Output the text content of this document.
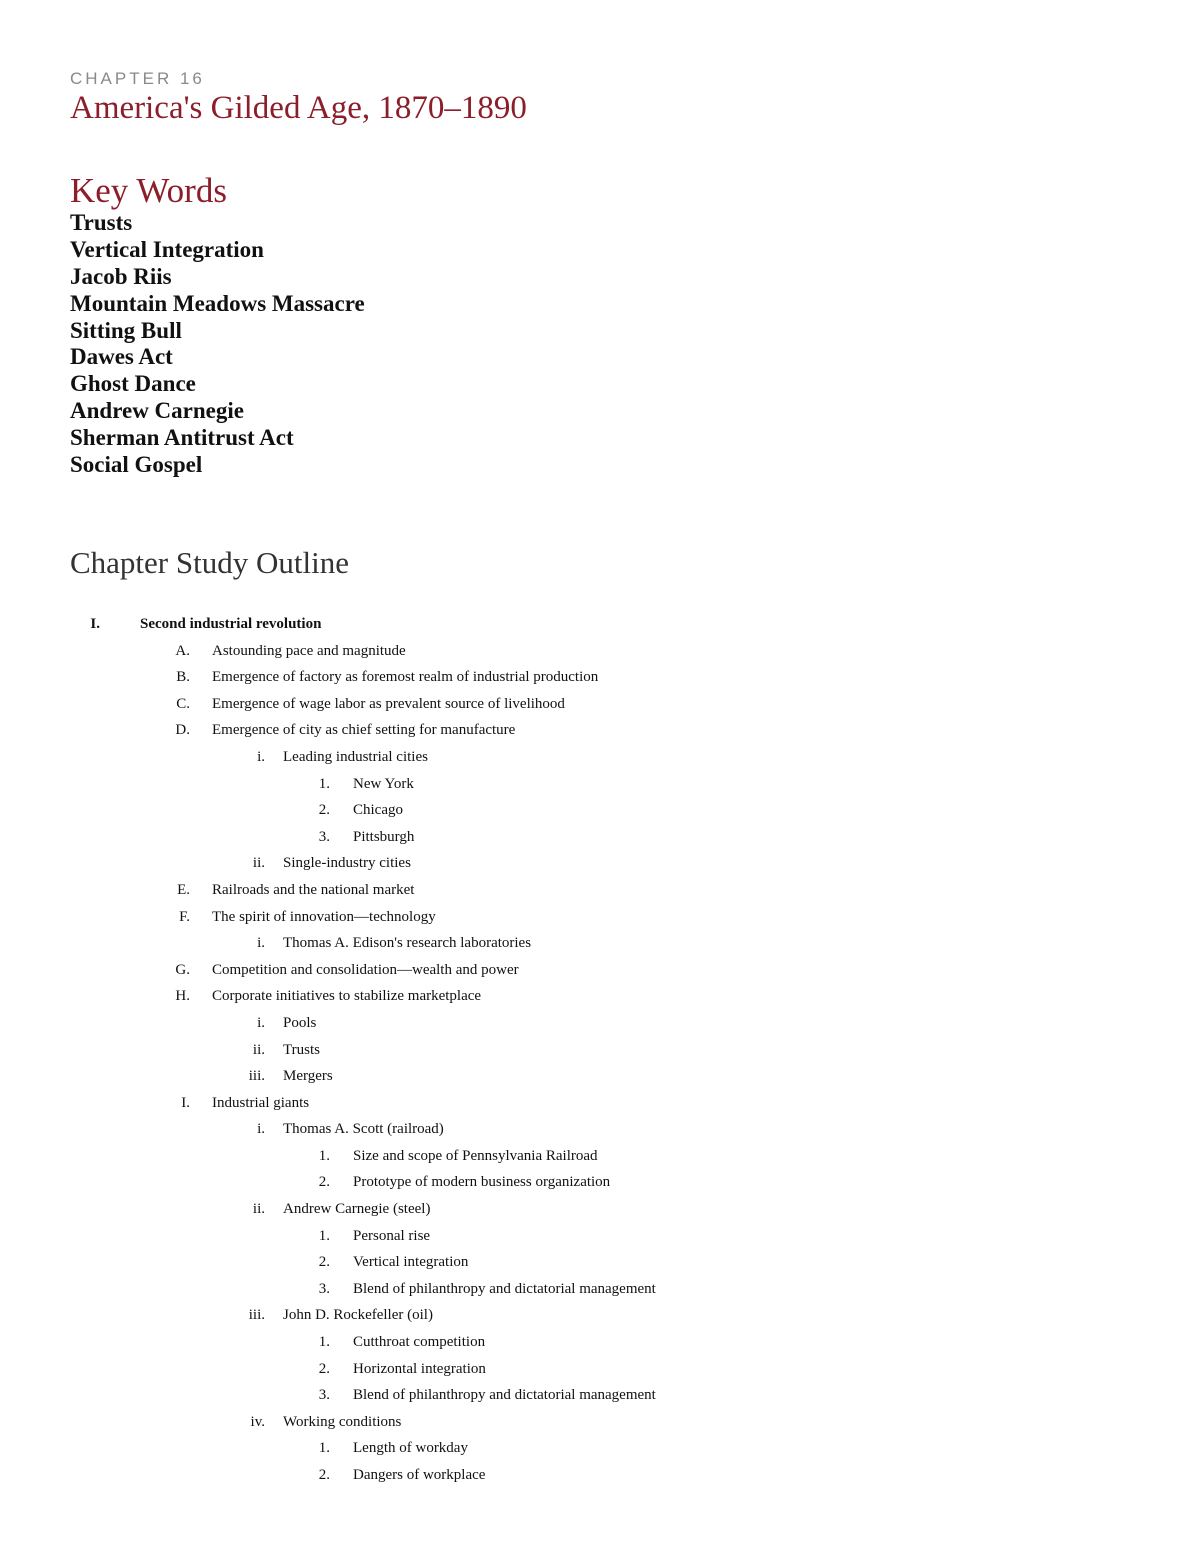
CHAPTER 16
America's Gilded Age, 1870–1890
Key Words
Trusts
Vertical Integration
Jacob Riis
Mountain Meadows Massacre
Sitting Bull
Dawes Act
Ghost Dance
Andrew Carnegie
Sherman Antitrust Act
Social Gospel
Chapter Study Outline
I.	Second industrial revolution
A. Astounding pace and magnitude
B. Emergence of factory as foremost realm of industrial production
C. Emergence of wage labor as prevalent source of livelihood
D. Emergence of city as chief setting for manufacture
i. Leading industrial cities
1. New York
2. Chicago
3. Pittsburgh
ii. Single-industry cities
E. Railroads and the national market
F. The spirit of innovation—technology
i. Thomas A. Edison's research laboratories
G. Competition and consolidation—wealth and power
H. Corporate initiatives to stabilize marketplace
i. Pools
ii. Trusts
iii. Mergers
I. Industrial giants
i. Thomas A. Scott (railroad)
1. Size and scope of Pennsylvania Railroad
2. Prototype of modern business organization
ii. Andrew Carnegie (steel)
1. Personal rise
2. Vertical integration
3. Blend of philanthropy and dictatorial management
iii. John D. Rockefeller (oil)
1. Cutthroat competition
2. Horizontal integration
3. Blend of philanthropy and dictatorial management
iv. Working conditions
1. Length of workday
2. Dangers of workplace
